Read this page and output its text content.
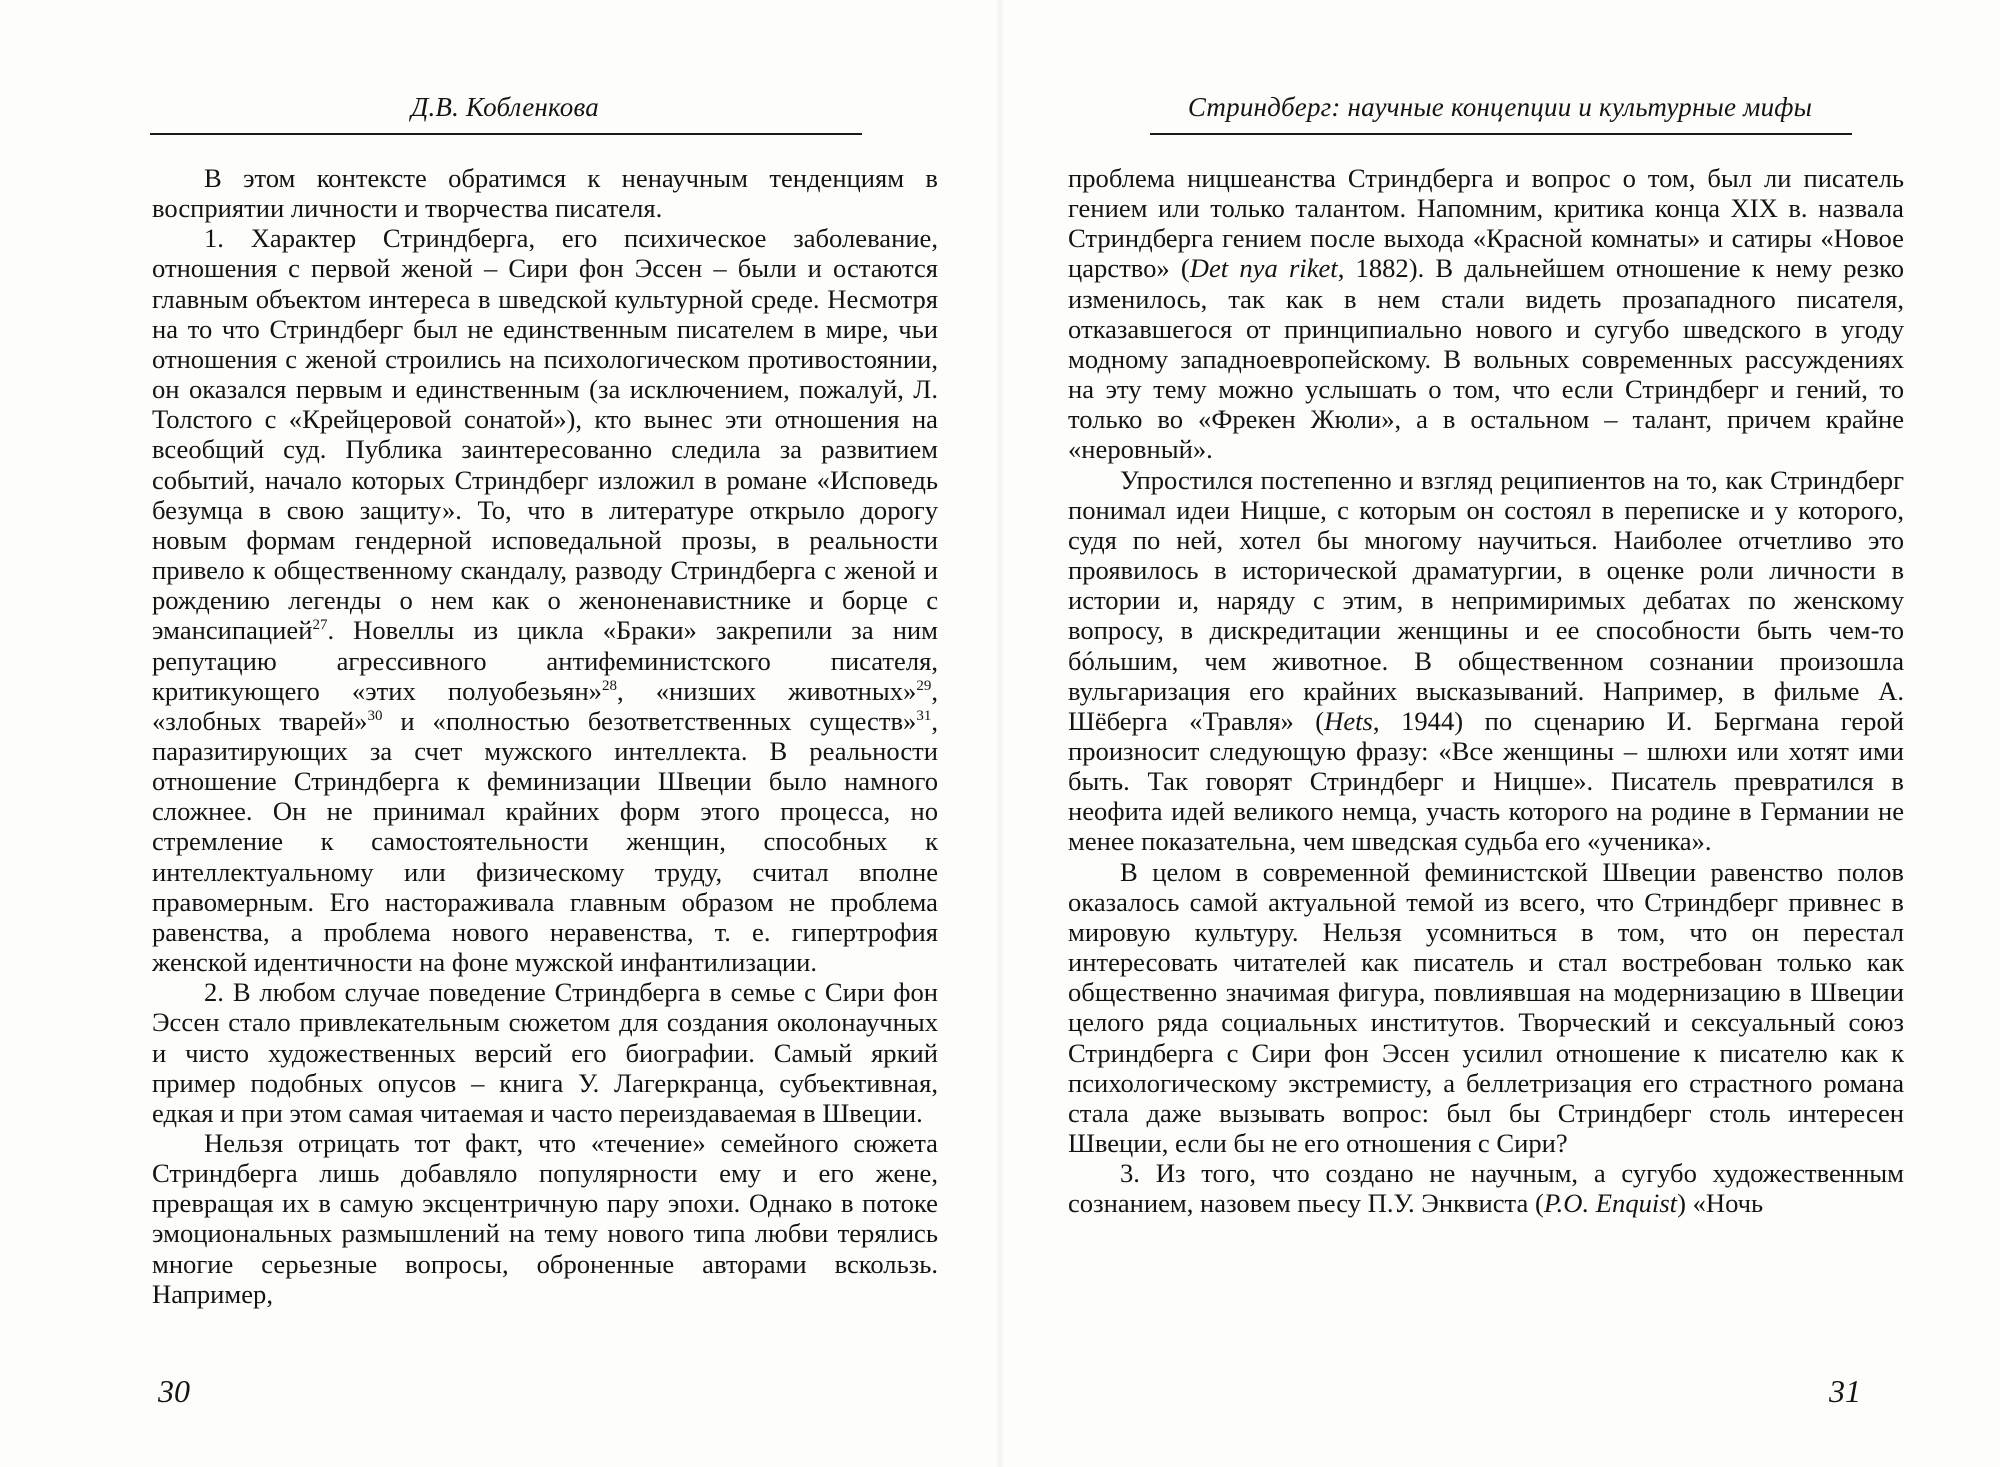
Д.В. Кобленкова

В этом контексте обратимся к ненаучным тенденциям в восприятии личности и творчества писателя.

1. Характер Стриндберга, его психическое заболевание, отношения с первой женой – Сири фон Эссен – были и остаются главным объектом интереса в шведской культурной среде. Несмотря на то что Стриндберг был не единственным писателем в мире, чьи отношения с женой строились на психологическом противостоянии, он оказался первым и единственным (за исключением, пожалуй, Л. Толстого с «Крейцеровой сонатой»), кто вынес эти отношения на всеобщий суд. Публика заинтересованно следила за развитием событий, начало которых Стриндберг изложил в романе «Исповедь безумца в свою защиту». То, что в литературе открыло дорогу новым формам гендерной исповедальной прозы, в реальности привело к общественному скандалу, разводу Стриндберга с женой и рождению легенды о нем как о женоненавистнике и борце с эмансипацией$^{27}$. Новеллы из цикла «Браки» закрепили за ним репутацию агрессивного антифеминистского писателя, критикующего «этих полуобезьян»$^{28}$, «низших животных»$^{29}$, «злобных тварей»$^{30}$ и «полностью безответственных существ»$^{31}$, паразитирующих за счет мужского интеллекта. В реальности отношение Стриндберга к феминизации Швеции было намного сложнее. Он не принимал крайних форм этого процесса, но стремление к самостоятельности женщин, способных к интеллектуальному или физическому труду, считал вполне правомерным. Его настораживала главным образом не проблема равенства, а проблема нового неравенства, т. е. гипертрофия женской идентичности на фоне мужской инфантилизации.

2. В любом случае поведение Стриндберга в семье с Сири фон Эссен стало привлекательным сюжетом для создания околонаучных и чисто художественных версий его биографии. Самый яркий пример подобных опусов – книга У. Лагеркранца, субъективная, едкая и при этом самая читаемая и часто переиздаваемая в Швеции.

Нельзя отрицать тот факт, что «течение» семейного сюжета Стриндберга лишь добавляло популярности ему и его жене, превращая их в самую эксцентричную пару эпохи. Однако в потоке эмоциональных размышлений на тему нового типа любви терялись многие серьезные вопросы, оброненные авторами вскользь. Например,

30
Стриндберг: научные концепции и культурные мифы

проблема ницшеанства Стриндберга и вопрос о том, был ли писатель гением или только талантом. Напомним, критика конца XIX в. назвала Стриндберга гением после выхода «Красной комнаты» и сатиры «Новое царство» (Det nya riket, 1882). В дальнейшем отношение к нему резко изменилось, так как в нем стали видеть прозападного писателя, отказавшегося от принципиально нового и сугубо шведского в угоду модному западноевропейскому. В вольных современных рассуждениях на эту тему можно услышать о том, что если Стриндберг и гений, то только во «Фрекен Жюли», а в остальном – талант, причем крайне «неровный».

Упростился постепенно и взгляд реципиентов на то, как Стриндберг понимал идеи Ницше, с которым он состоял в переписке и у которого, судя по ней, хотел бы многому научиться. Наиболее отчетливо это проявилось в исторической драматургии, в оценке роли личности в истории и, наряду с этим, в непримиримых дебатах по женскому вопросу, в дискредитации женщины и ее способности быть чем-то бóльшим, чем животное. В общественном сознании произошла вульгаризация его крайних высказываний. Например, в фильме А. Шёберга «Травля» (Hets, 1944) по сценарию И. Бергмана герой произносит следующую фразу: «Все женщины – шлюхи или хотят ими быть. Так говорят Стриндберг и Ницше». Писатель превратился в неофита идей великого немца, участь которого на родине в Германии не менее показательна, чем шведская судьба его «ученика».

В целом в современной феминистской Швеции равенство полов оказалось самой актуальной темой из всего, что Стриндберг привнес в мировую культуру. Нельзя усомниться в том, что он перестал интересовать читателей как писатель и стал востребован только как общественно значимая фигура, повлиявшая на модернизацию в Швеции целого ряда социальных институтов. Творческий и сексуальный союз Стриндберга с Сири фон Эссен усилил отношение к писателю как к психологическому экстремисту, а беллетризация его страстного романа стала даже вызывать вопрос: был бы Стриндберг столь интересен Швеции, если бы не его отношения с Сири?

3. Из того, что создано не научным, а сугубо художественным сознанием, назовем пьесу П.У. Энквиста (P.O. Enquist) «Ночь

31
